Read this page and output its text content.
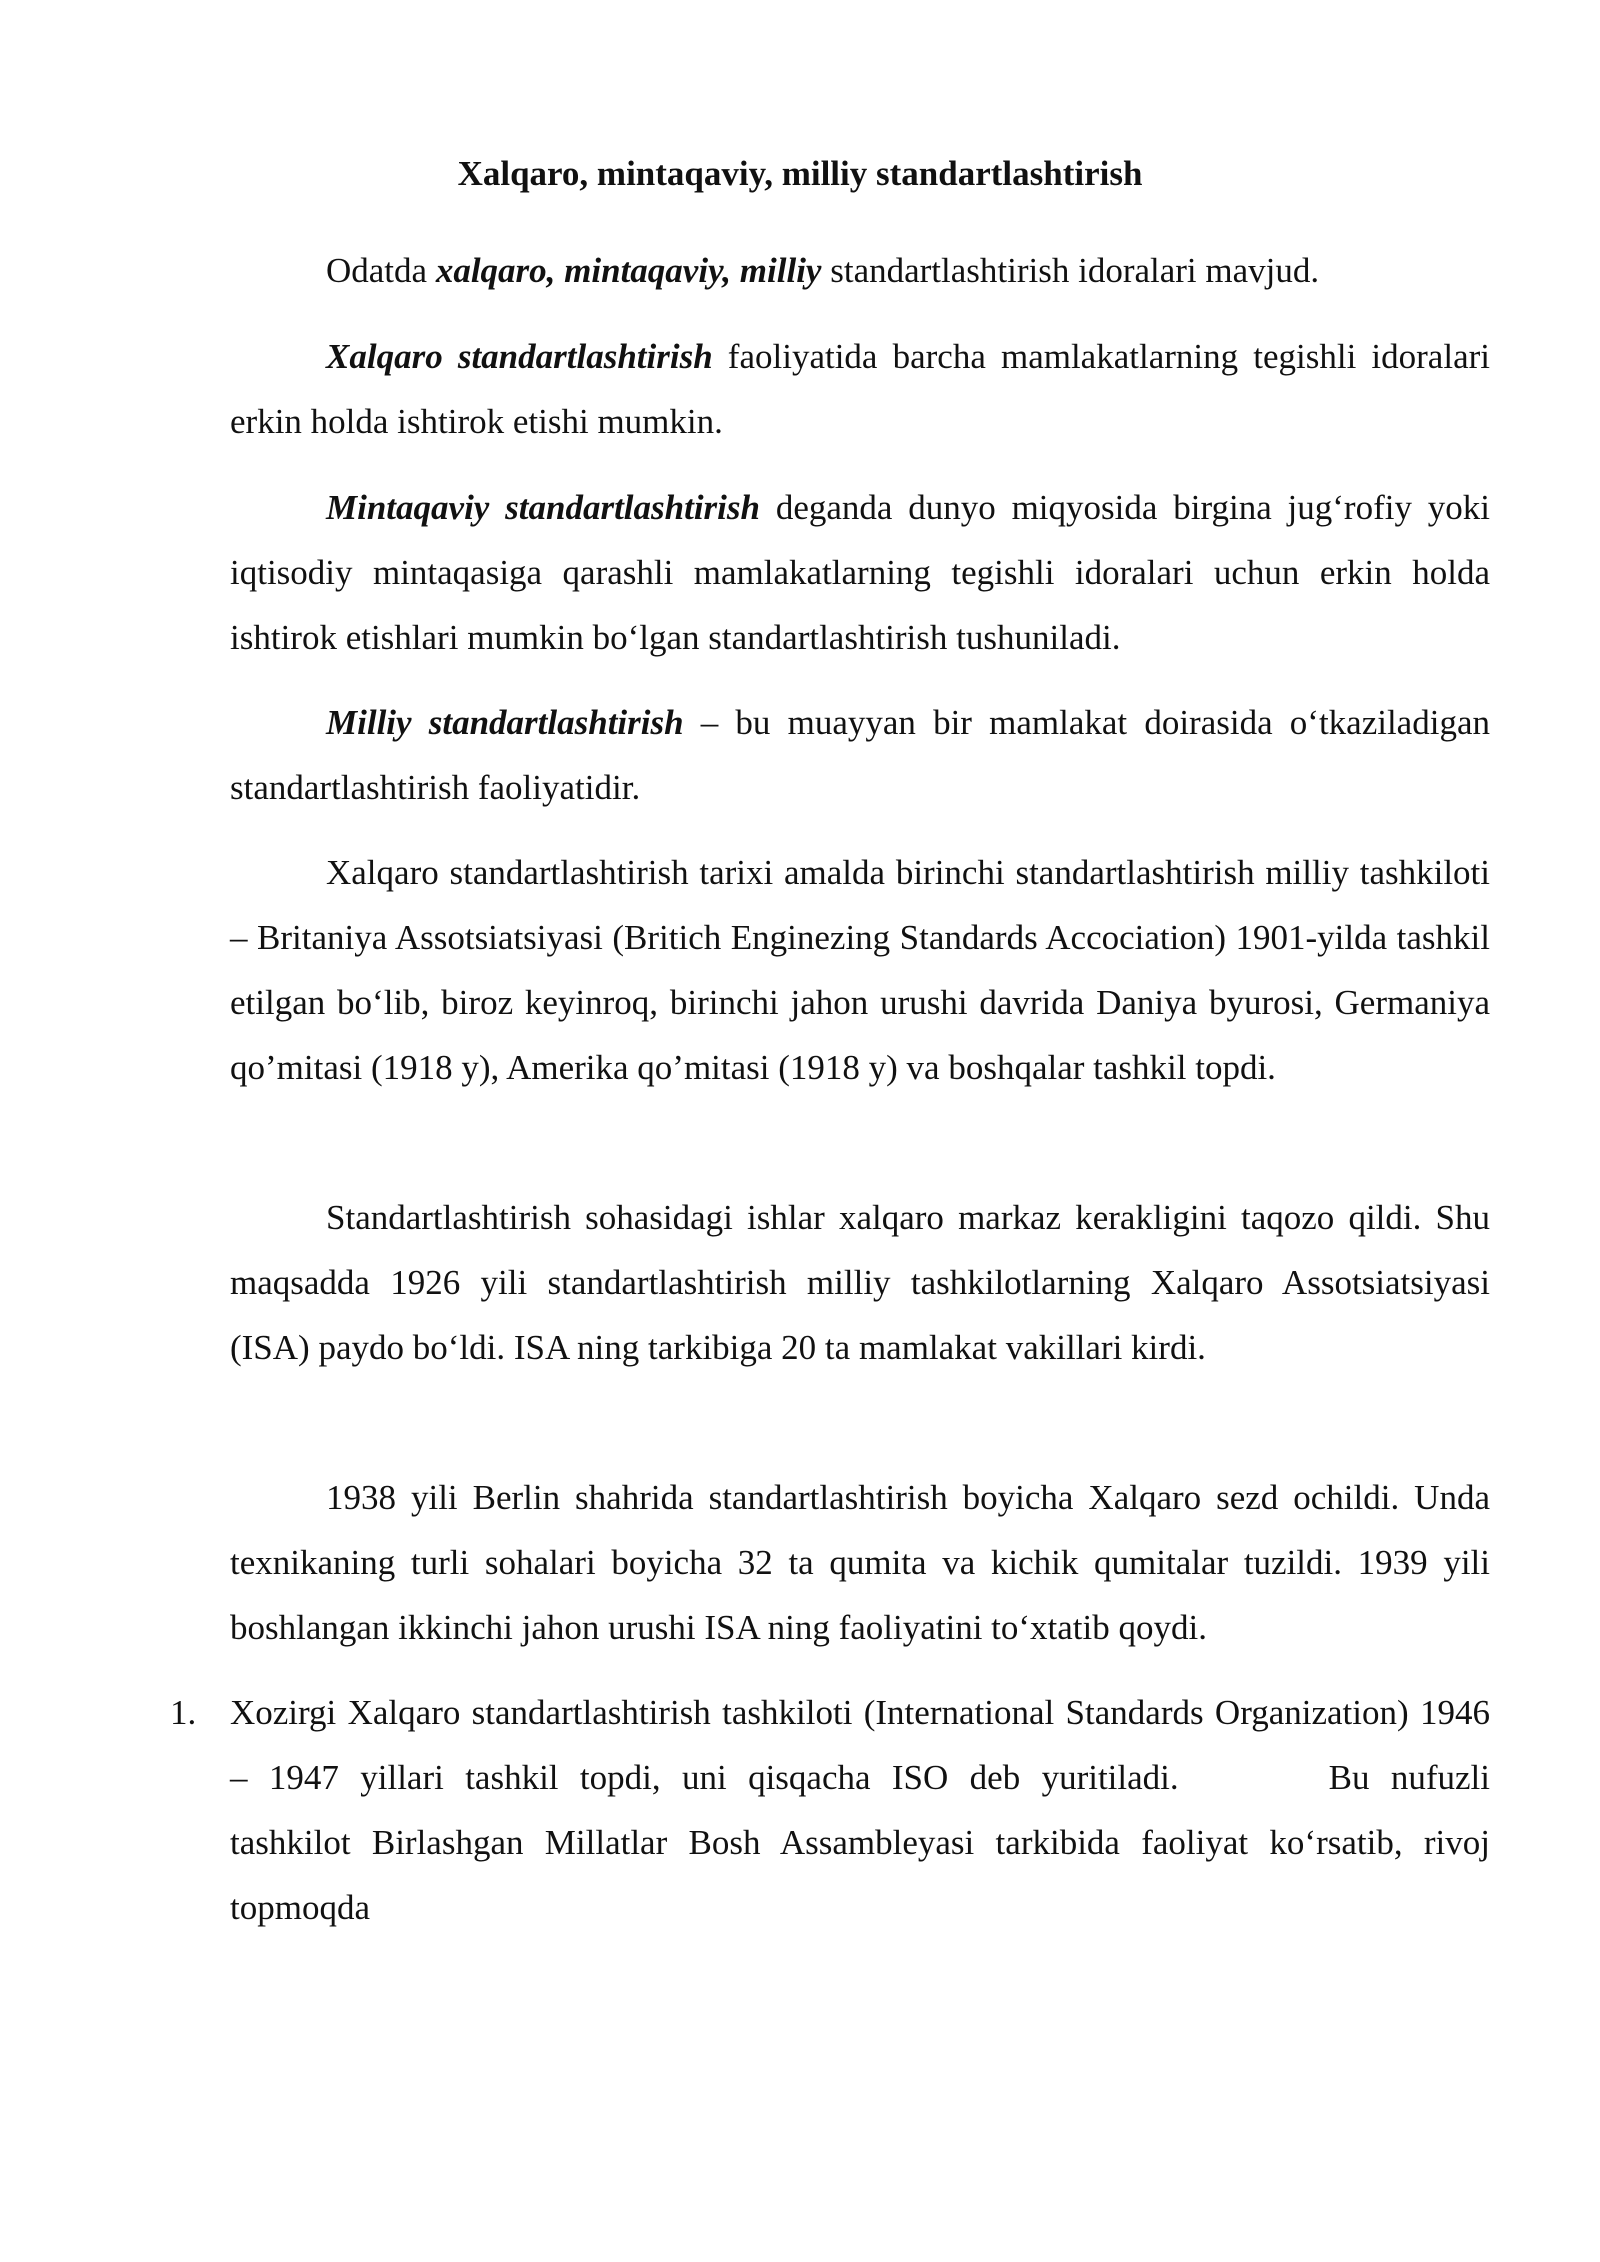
Xalqaro, mintaqaviy, milliy standartlashtirish

Odatda xalqaro, mintaqaviy, milliy standartlashtirish idoralari mavjud.

Xalqaro standartlashtirish faoliyatida barcha mamlakatlarning tegishli idoralari erkin holda ishtirok etishi mumkin.

Mintaqaviy standartlashtirish deganda dunyo miqyosida birgina jug‘rofiy yoki iqtisodiy mintaqasiga qarashli mamlakatlarning tegishli idoralari uchun erkin holda ishtirok etishlari mumkin bo‘lgan standartlashtirish tushuniladi.

Milliy standartlashtirish – bu muayyan bir mamlakat doirasida o‘tkaziladigan standartlashtirish faoliyatidir.

Xalqaro standartlashtirish tarixi amalda birinchi standartlashtirish milliy tashkiloti – Britaniya Assotsiatsiyasi (Britich Enginezing Standards Accociation) 1901-yilda tashkil etilgan bo‘lib, biroz keyinroq, birinchi jahon urushi davrida Daniya byurosi, Germaniya qo’mitasi (1918 y), Amerika qo’mitasi (1918 y) va boshqalar tashkil topdi.

Standartlashtirish sohasidagi ishlar xalqaro markaz kerakligini taqozo qildi. Shu maqsadda 1926 yili standartlashtirish milliy tashkilotlarning Xalqaro Assotsiatsiyasi (ISA) paydo bo‘ldi. ISA ning tarkibiga 20 ta mamlakat vakillari kirdi.

1938 yili Berlin shahrida standartlashtirish boyicha Xalqaro sezd ochildi. Unda texnikaning turli sohalari boyicha 32 ta qumita va kichik qumitalar tuzildi. 1939 yili boshlangan ikkinchi jahon urushi ISA ning faoliyatini to‘xtatib qoydi.

1. Xozirgi Xalqaro standartlashtirish tashkiloti (International Standards Organization) 1946 – 1947 yillari tashkil topdi, uni qisqacha ISO deb yuritiladi.	Bu nufuzli tashkilot Birlashgan Millatlar Bosh Assambleyasi tarkibida faoliyat ko‘rsatib, rivoj topmoqda
